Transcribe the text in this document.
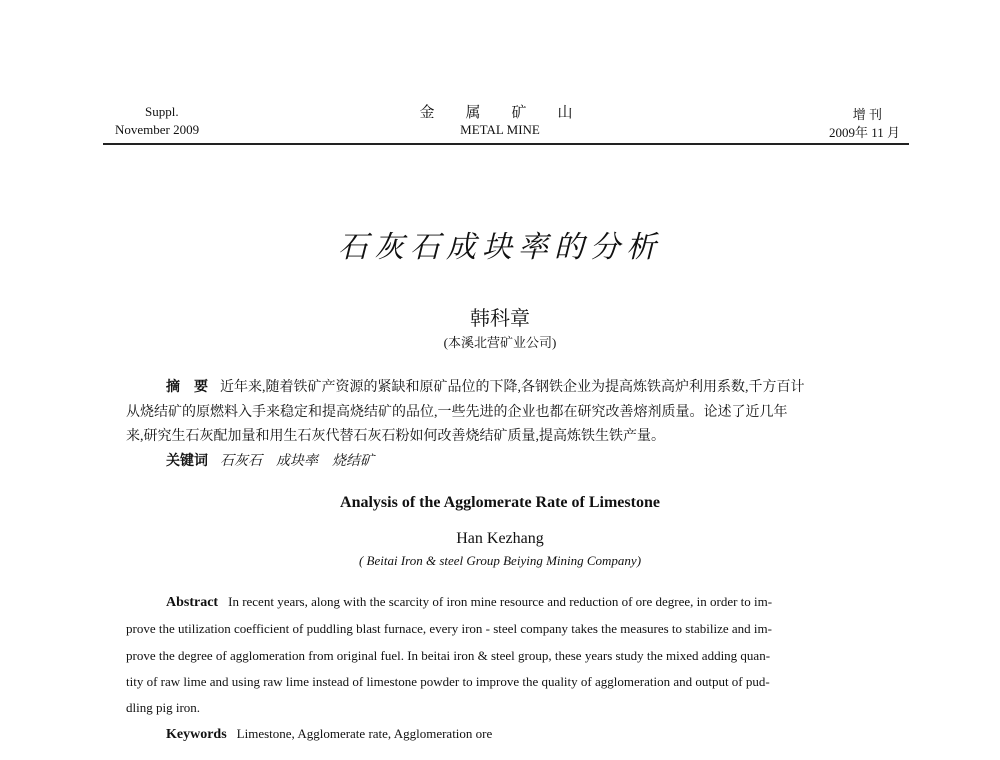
Suppl.
November 2009
金　属　矿　山
METAL MINE
增 刊
2009年 11 月
石灰石成块率的分析
韩科章
(本溪北营矿业公司)
摘　要 近年来,随着铁矿产资源的紧缺和原矿品位的下降,各钢铁企业为提高炼铁高炉利用系数,千方百计
从烧结矿的原燃料入手来稳定和提高烧结矿的品位,一些先进的企业也都在研究改善熔剂质量。论述了近几年
来,研究生石灰配加量和用生石灰代替石灰石粉如何改善烧结矿质量,提高炼铁生铁产量。
关键词 石灰石 成块率 烧结矿
Analysis of the Agglomerate Rate of Limestone
Han Kezhang
( Beitai Iron & steel Group Beiying Mining Company)
Abstract In recent years, along with the scarcity of iron mine resource and reduction of ore degree, in order to im-
prove the utilization coefficient of puddling blast furnace, every iron - steel company takes the measures to stabilize and im-
prove the degree of agglomeration from original fuel. In beitai iron & steel group, these years study the mixed adding quan-
tity of raw lime and using raw lime instead of limestone powder to improve the quality of agglomeration and output of pud-
dling pig iron.
Keywords Limestone, Agglomerate rate, Agglomeration ore
